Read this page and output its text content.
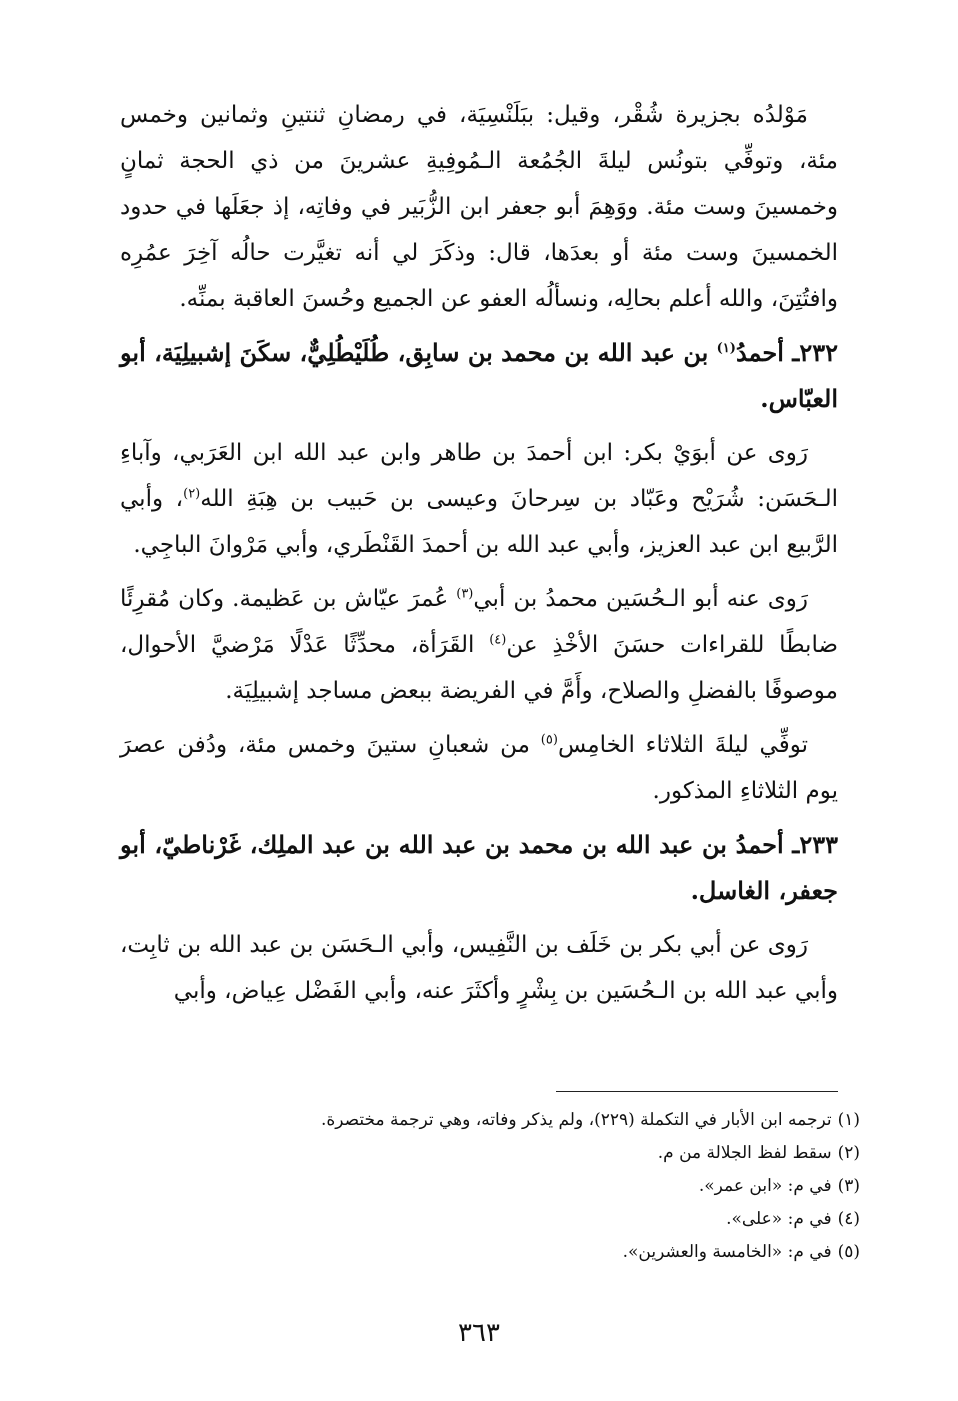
مَوْلدُه بجزيرة شُقْر، وقيل: ببَلَنْسِيَة، في رمضانِ ثنتينِ وثمانين وخمس مئة، وتوفِّي بتونُس ليلةَ الجُمُعة الـمُوفِيةِ عشرينَ من ذي الحجة ثمانٍ وخمسينَ وست مئة. ووَهِمَ أبو جعفر ابن الزُّبَير في وفاتِه، إذ جعَلَها في حدود الخمسينَ وست مئة أو بعدَها، قال: وذكَرَ لي أنه تغيَّرت حالُه آخِرَ عمُرِه وافتُتِنَ، والله أعلم بحالِه، ونسألُه العفو عن الجميع وحُسنَ العاقبة بمنِّه.

٢٣٢ـ أحمدُ$^{(١)}$ بن عبد الله بن محمد بن سابِق، طُلَيْطُلِيٌّ، سكَنَ إشبيلِيَة، أبو العبّاس.

رَوى عن أبوَيْ بكر: ابن أحمدَ بن طاهر وابن عبد الله ابن العَرَبي، وآباءِ الـحَسَن: شُرَيْح وعَبّاد بن سِرحانَ وعيسى بن حَبيب بن هِبَةِ الله$^{(٢)}$، وأبي الرَّبيع ابن عبد العزيز، وأبي عبد الله بن أحمدَ القَنْطَري، وأبي مَرْوانَ الباجِي.

رَوى عنه أبو الـحُسَين محمدُ بن أبي$^{(٣)}$ عُمرَ عيّاش بن عَظيمة. وكان مُقرِئًا ضابطًا للقراءات حسَنَ الأخْذِ عن$^{(٤)}$ القَرَأة، محدِّثًا عَدْلًا مَرْضيَّ الأحوال، موصوفًا بالفضلِ والصلاح، وأَمَّ في الفريضة ببعض مساجد إشبيلِيَة.

توفِّي ليلةَ الثلاثاء الخامِس$^{(٥)}$ من شعبانِ ستينَ وخمس مئة، ودُفن عصرَ يوم الثلاثاءِ المذكور.

٢٣٣ـ أحمدُ بن عبد الله بن محمد بن عبد الله بن عبد الملِك، غَرْناطيّ، أبو جعفر، الغاسل.

رَوى عن أبي بكر بن خَلَف بن النَّفِيس، وأبي الـحَسَن بن عبد الله بن ثابِت، وأبي عبد الله بن الـحُسَين بن بِشْرٍ وأكثَرَ عنه، وأبي الفَضْل عِياض، وأبي

(١)ترجمه ابن الأبار في التكملة (٢٢٩)، ولم يذكر وفاته، وهي ترجمة مختصرة.

(٢)سقط لفظ الجلالة من م.

(٣)في م: «ابن عمر».

(٤)في م: «على».

(٥)في م: «الخامسة والعشرين».

٣٦٣
